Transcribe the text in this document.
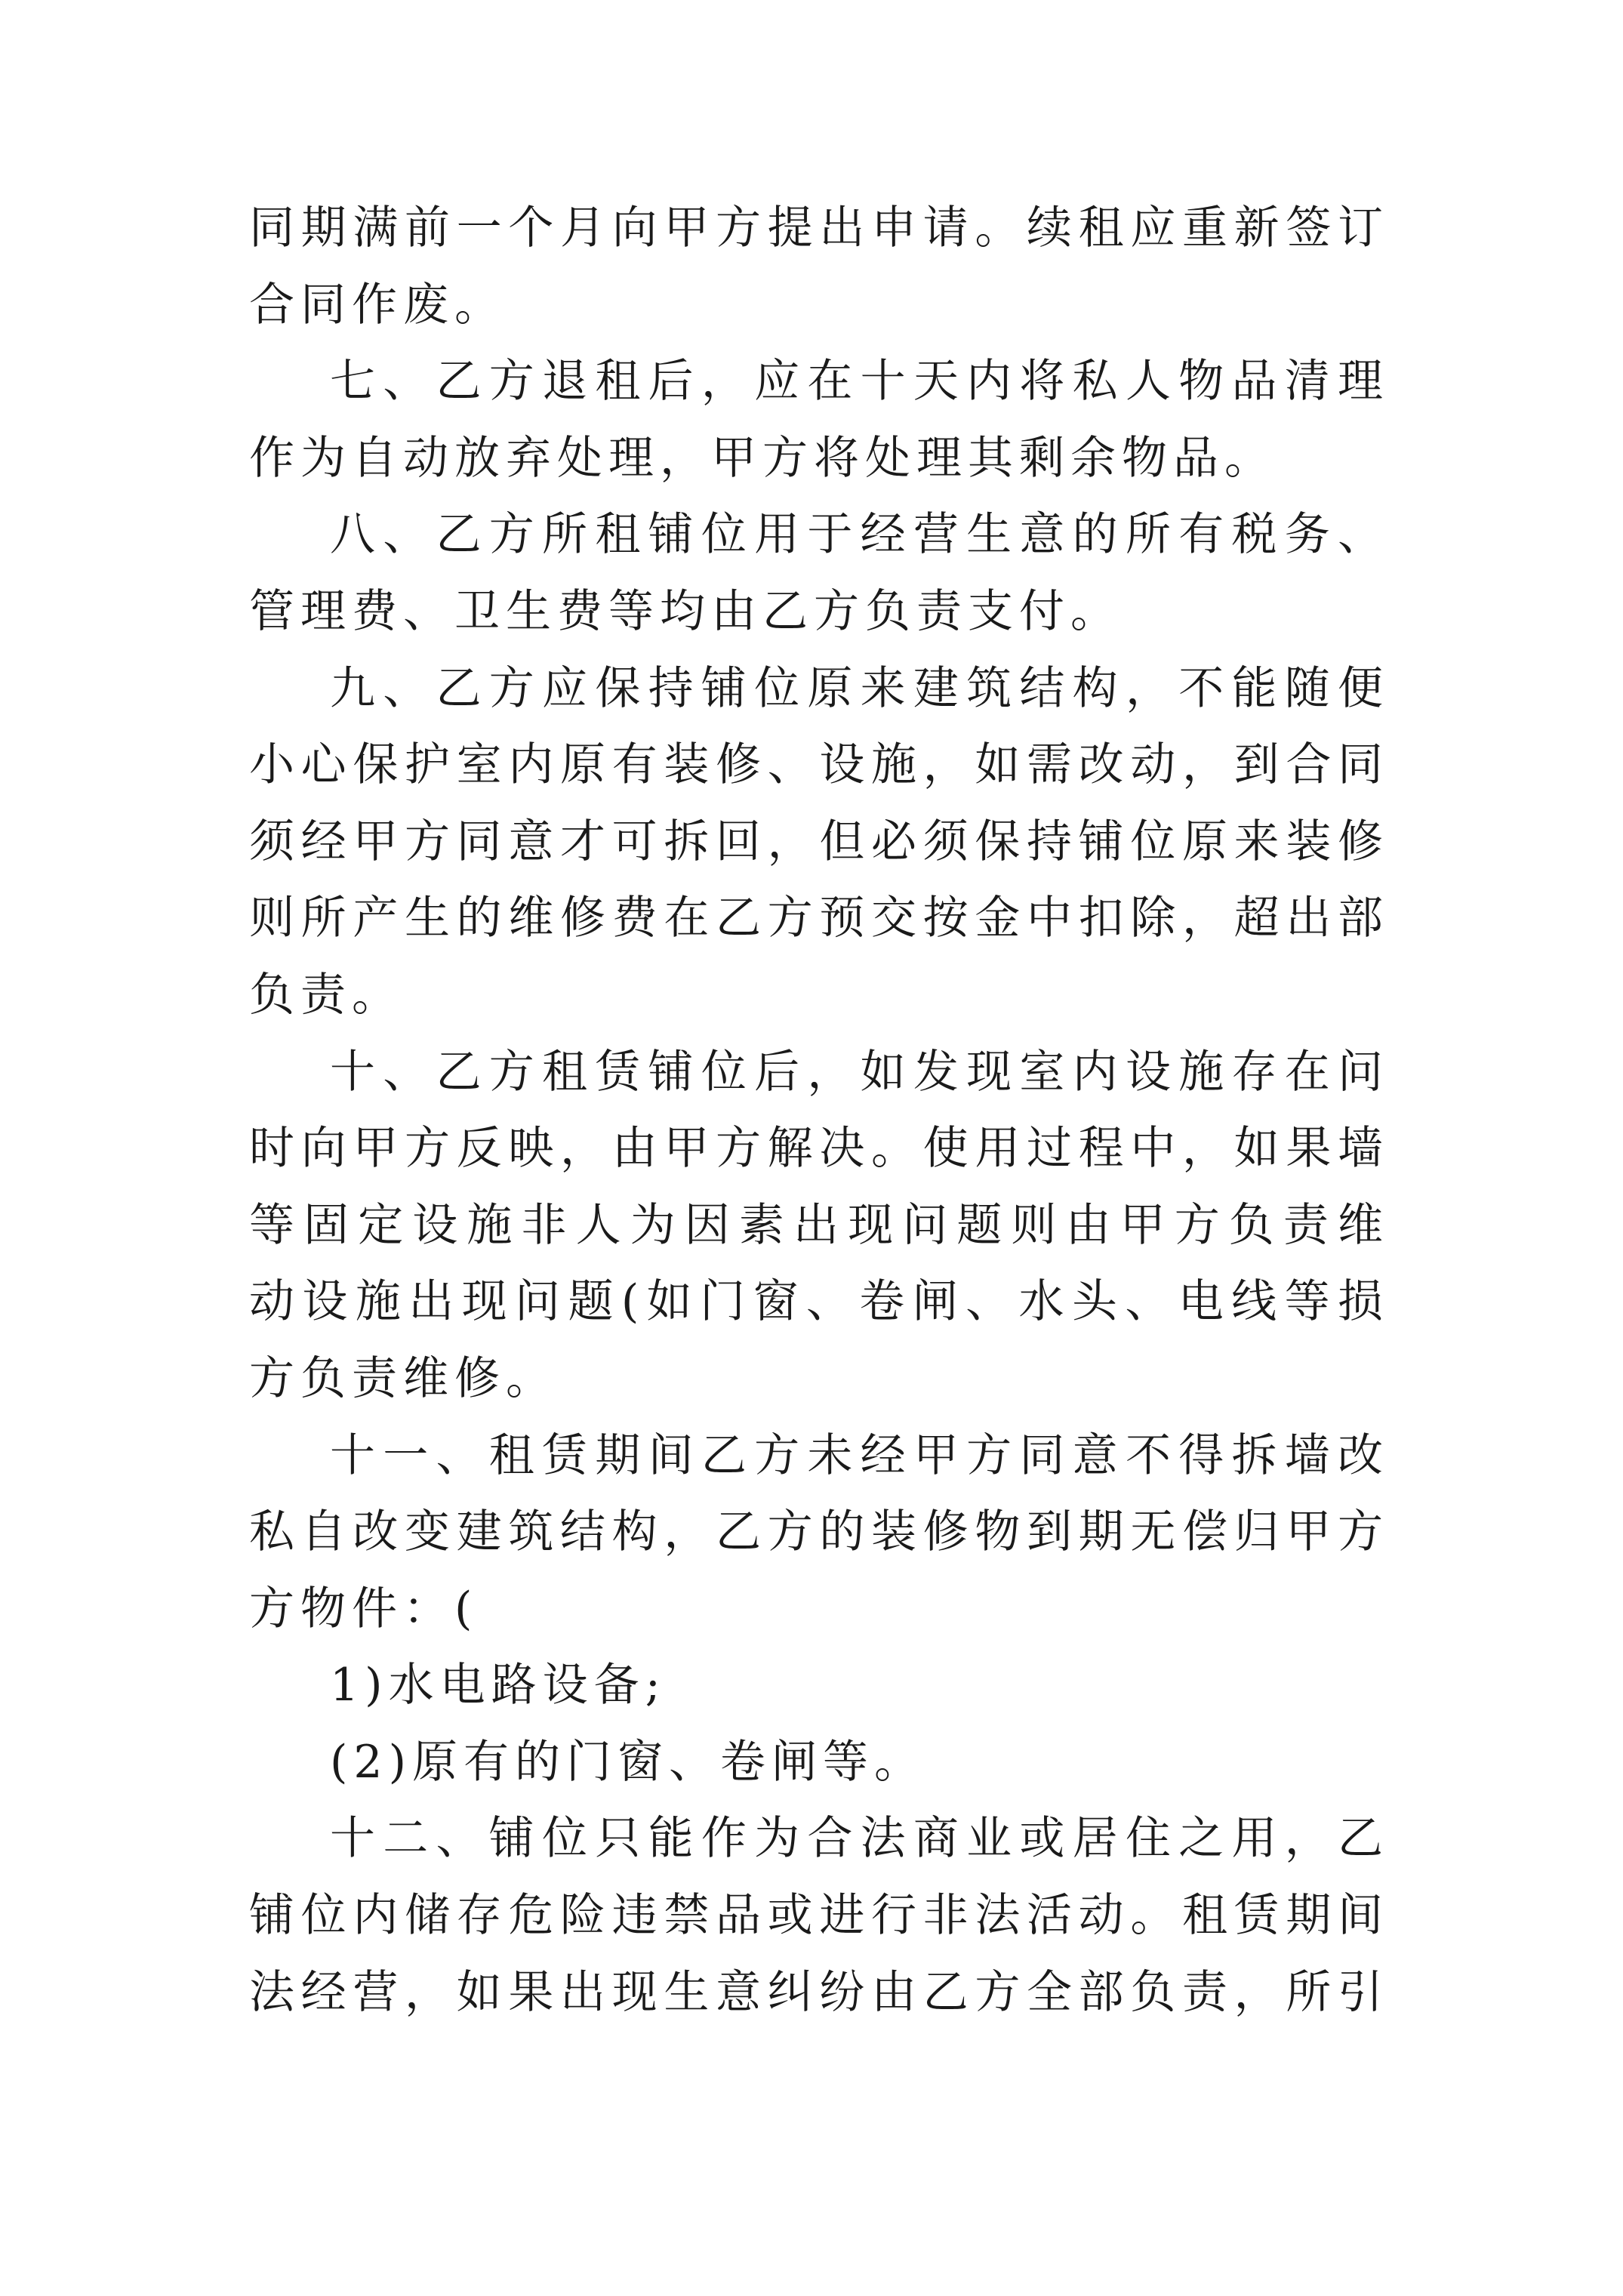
同期满前一个月向甲方提出申请。续租应重新签订
合同作废。
七、乙方退租后，应在十天内将私人物品清理
作为自动放弃处理，甲方将处理其剩余物品。
八、乙方所租铺位用于经营生意的所有税务、
管理费、卫生费等均由乙方负责支付。
九、乙方应保持铺位原来建筑结构，不能随便
小心保护室内原有装修、设施，如需改动，到合同
须经甲方同意才可拆回，但必须保持铺位原来装修
则所产生的维修费在乙方预交按金中扣除，超出部
负责。
十、乙方租赁铺位后，如发现室内设施存在问
时向甲方反映，由甲方解决。使用过程中，如果墙
等固定设施非人为因素出现问题则由甲方负责维
动设施出现问题(如门窗、卷闸、水头、电线等损
方负责维修。
十一、租赁期间乙方未经甲方同意不得拆墙改
私自改变建筑结构，乙方的装修物到期无偿归甲方
方物件：(
1)水电路设备;
(2)原有的门窗、卷闸等。
十二、铺位只能作为合法商业或居住之用，乙
铺位内储存危险违禁品或进行非法活动。租赁期间
法经营，如果出现生意纠纷由乙方全部负责，所引
